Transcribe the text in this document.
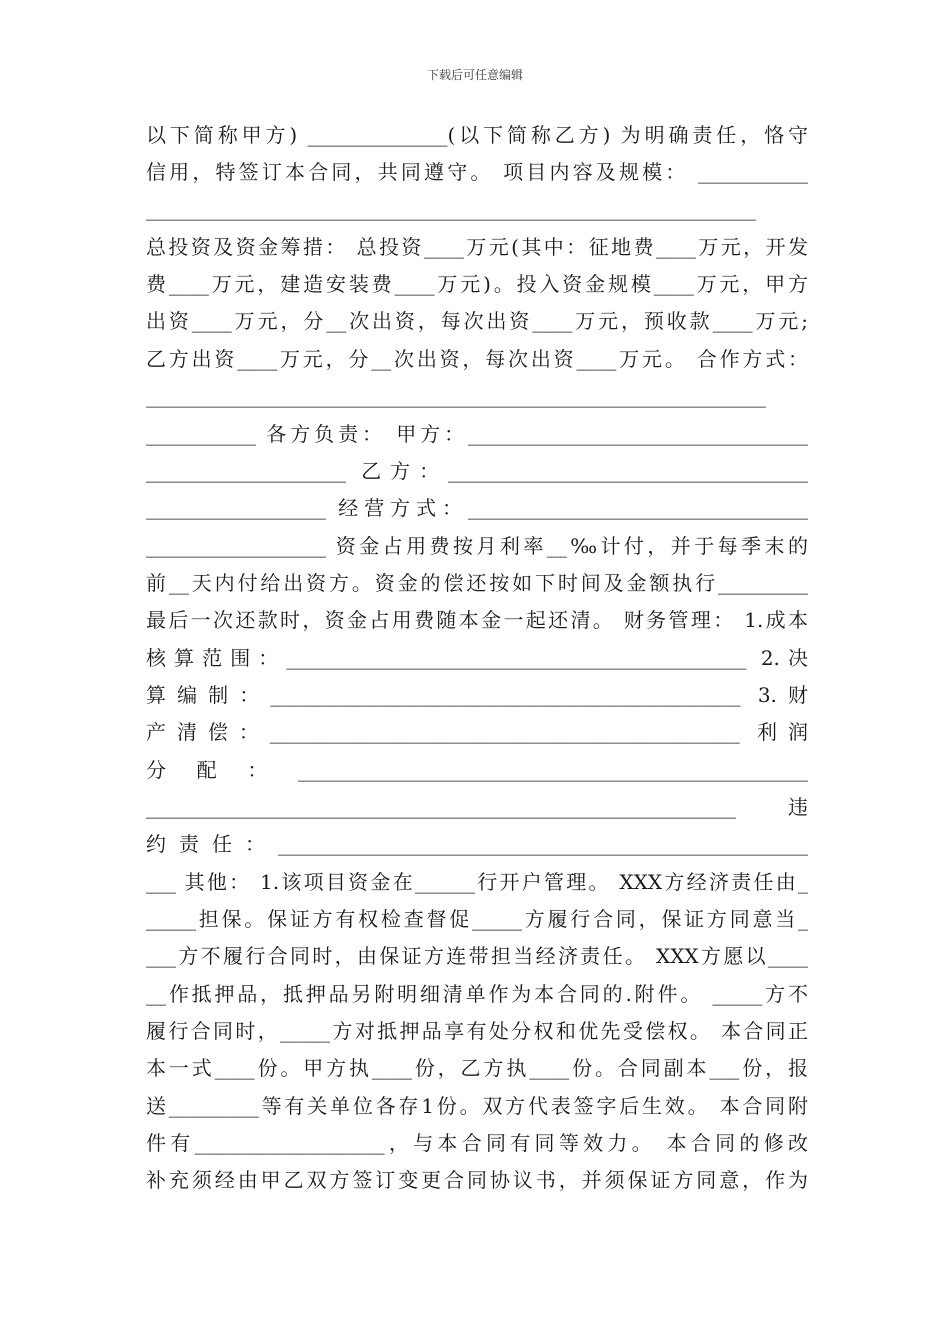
下载后可任意编辑
以下简称甲方) ______________(以下简称乙方) 为明确责任，恪守
信用，特签订本合同，共同遵守。 项目内容及规模： ___________
_____________________________________________________________
总投资及资金筹措： 总投资____万元(其中：征地费____万元，开发
费____万元，建造安装费____万元)。投入资金规模____万元，甲方
出资____万元，分__次出资，每次出资____万元，预收款____万元;
乙方出资____万元，分__次出资，每次出资____万元。 合作方式：
______________________________________________________________
___________ 各方负责： 甲方：__________________________________
____________________ 乙方：____________________________________
__________________ 经营方式：__________________________________
__________________ 资金占用费按月利率__‰计付，并于每季末的
前__天内付给出资方。资金的偿还按如下时间及金额执行_________
最后一次还款时，资金占用费随本金一起还清。 财务管理： 1.成本
核算范围：______________________________________________ 2.决
算编制：_______________________________________________ 3.财
产清偿：_______________________________________________ 利润
分配：___________________________________________________
___________________________________________________________ 违
约责任：_____________________________________________________
___ 其他： 1.该项目资金在______行开户管理。 XXX方经济责任由_
_____担保。保证方有权检查督促_____方履行合同，保证方同意当_
___方不履行合同时，由保证方连带担当经济责任。 XXX方愿以____
__作抵押品，抵押品另附明细清单作为本合同的.附件。 _____方不
履行合同时，_____方对抵押品享有处分权和优先受偿权。 本合同正
本一式____份。甲方执____份，乙方执____份。合同副本___份，报
送_________等有关单位各存1份。双方代表签字后生效。 本合同附
件有___________________，与本合同有同等效力。 本合同的修改
补充须经由甲乙双方签订变更合同协议书，并须保证方同意，作为
